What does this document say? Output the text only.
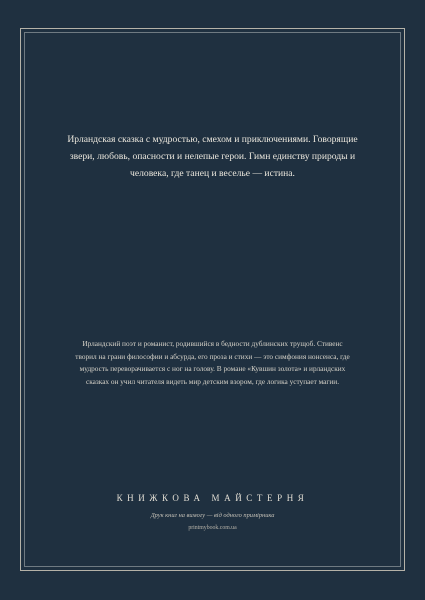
Ирландская сказка с мудростью, смехом и приключениями. Говорящие звери, любовь, опасности и нелепые герои. Гимн единству природы и человека, где танец и веселье — истина.
Ирландский поэт и романист, родившийся в бедности дублинских трущоб. Стивенс творил на грани философии и абсурда, его проза и стихи — это симфония нонсенса, где мудрость переворачивается с ног на голову. В романе «Кувшин золота» и ирландских сказках он учил читателя видеть мир детским взором, где логика уступает магии.
КНИЖКОВА МАЙСТЕРНЯ
Друк книг на вимогу — від одного примірника
printmybook.com.ua
